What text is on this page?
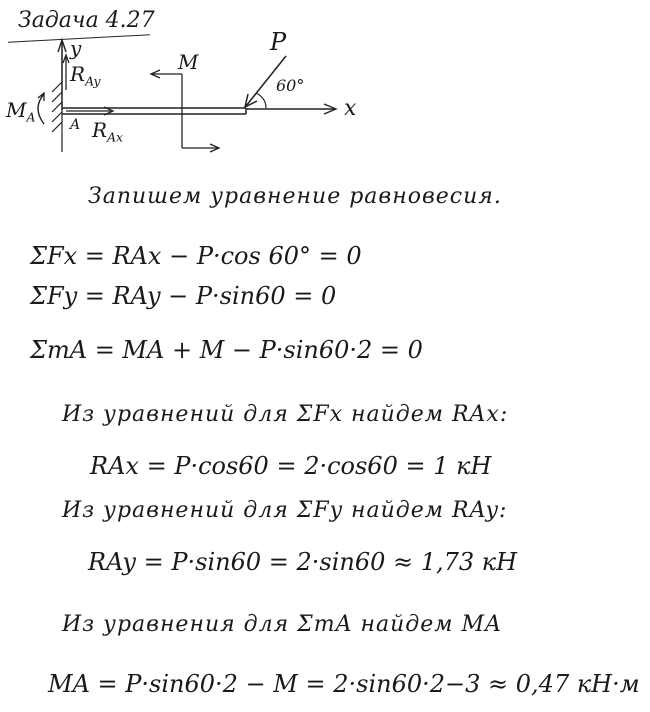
Задача 4.27
y
$R_{Ay}$
$M_A$
A $R_{Ax}$
M
P
60°
x
Запишем уравнение равновесия.
ΣFx = RAx − P·cos 60° = 0
ΣFy = RAy − P·sin60 = 0
ΣmA = MA + M − P·sin60·2 = 0
Из уравнений для ΣFx найдем RAx:
RAx = P·cos60 = 2·cos60 = 1 кН
Из уравнений для ΣFy найдем RAy:
RAy = P·sin60 = 2·sin60 ≈ 1,73 кН
Из уравнения для ΣmA найдем MA
MA = P·sin60·2 − M = 2·sin60·2−3 ≈ 0,47 кН·м
